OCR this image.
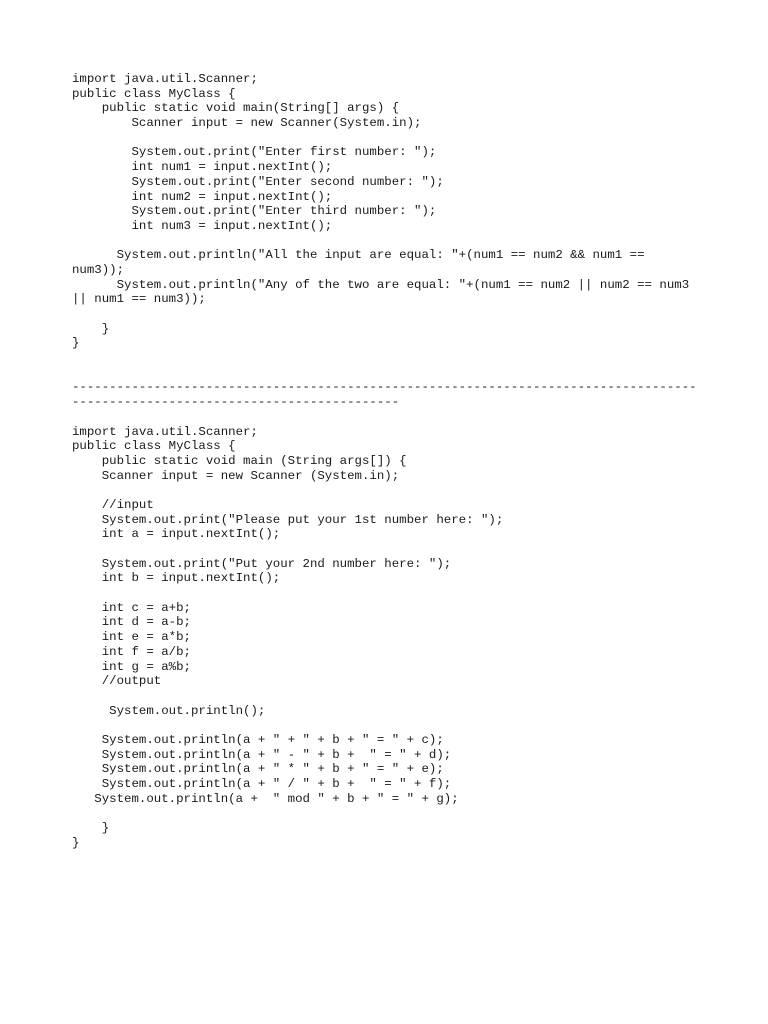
import java.util.Scanner;
public class MyClass {
public static void main(String[] args) {
Scanner input = new Scanner(System.in);
System.out.print("Enter first number: ");
int num1 = input.nextInt();
System.out.print("Enter second number: ");
int num2 = input.nextInt();
System.out.print("Enter third number: ");
int num3 = input.nextInt();
System.out.println("All the input are equal: "+(num1 == num2 && num1 ==
num3));
System.out.println("Any of the two are equal: "+(num1 == num2 || num2 == num3
|| num1 == num3));
}
}
------------------------------------------------------------------------------------
--------------------------------------------
import java.util.Scanner;
public class MyClass {
public static void main (String args[]) {
Scanner input = new Scanner (System.in);
//input
System.out.print("Please put your 1st number here: ");
int a = input.nextInt();
System.out.print("Put your 2nd number here: ");
int b = input.nextInt();
int c = a+b;
int d = a-b;
int e = a*b;
int f = a/b;
int g = a%b;
//output
System.out.println();
System.out.println(a + " + " + b + " = " + c);
System.out.println(a + " - " + b +  " = " + d);
System.out.println(a + " * " + b + " = " + e);
System.out.println(a + " / " + b +  " = " + f);
System.out.println(a +  " mod " + b + " = " + g);
}
}
